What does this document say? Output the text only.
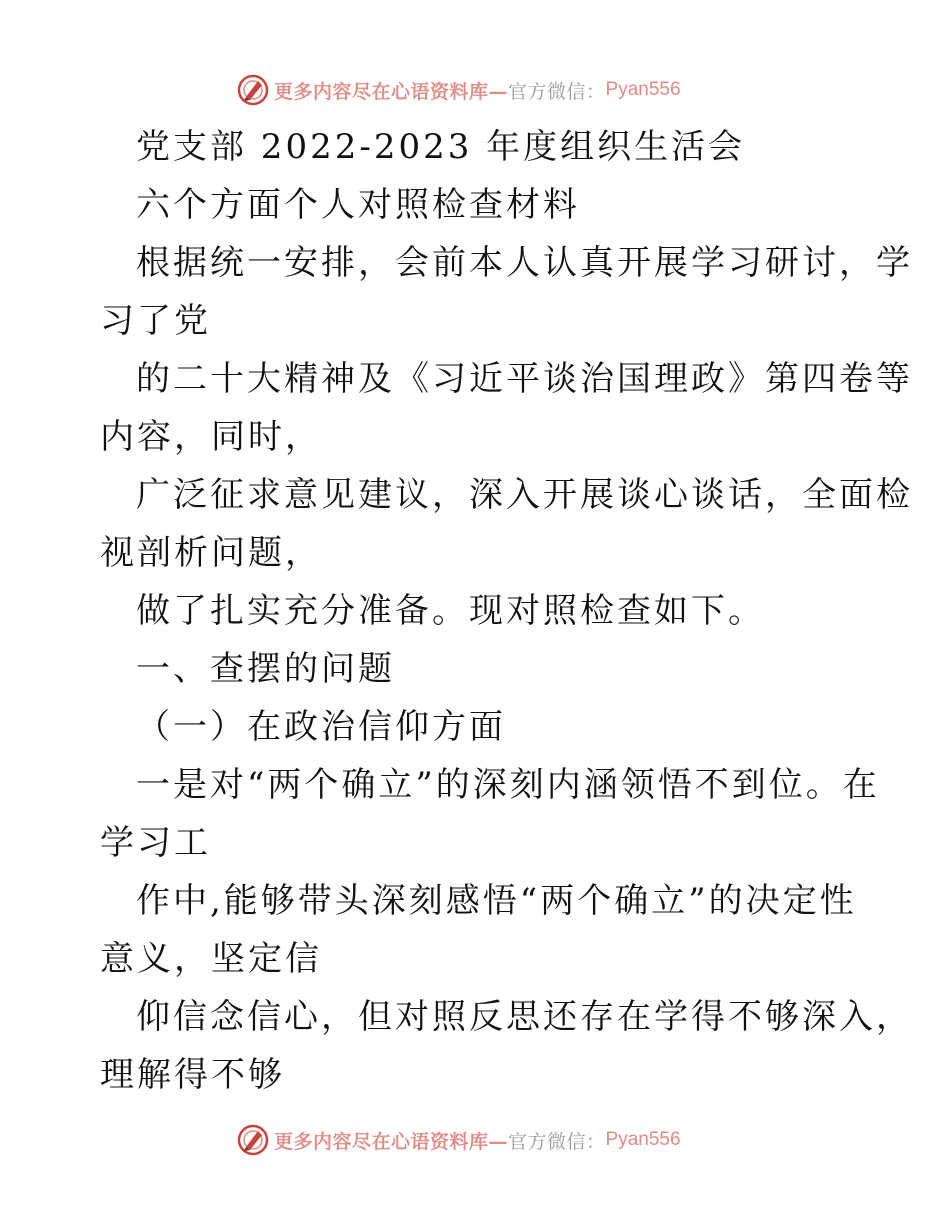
更多内容尽在心语资料库— 官方微信： Pyan556
党支部 2022-2023 年度组织生活会
六个方面个人对照检查材料
根据统一安排，会前本人认真开展学习研讨，学
习了党
的二十大精神及《习近平谈治国理政》第四卷等
内容，同时，
广泛征求意见建议，深入开展谈心谈话，全面检
视剖析问题，
做了扎实充分准备。现对照检查如下。
一、查摆的问题
（一）在政治信仰方面
一是对“两个确立”的深刻内涵领悟不到位。在
学习工
作中,能够带头深刻感悟“两个确立”的决定性
意义，坚定信
仰信念信心，但对照反思还存在学得不够深入，
理解得不够
更多内容尽在心语资料库— 官方微信： Pyan556
